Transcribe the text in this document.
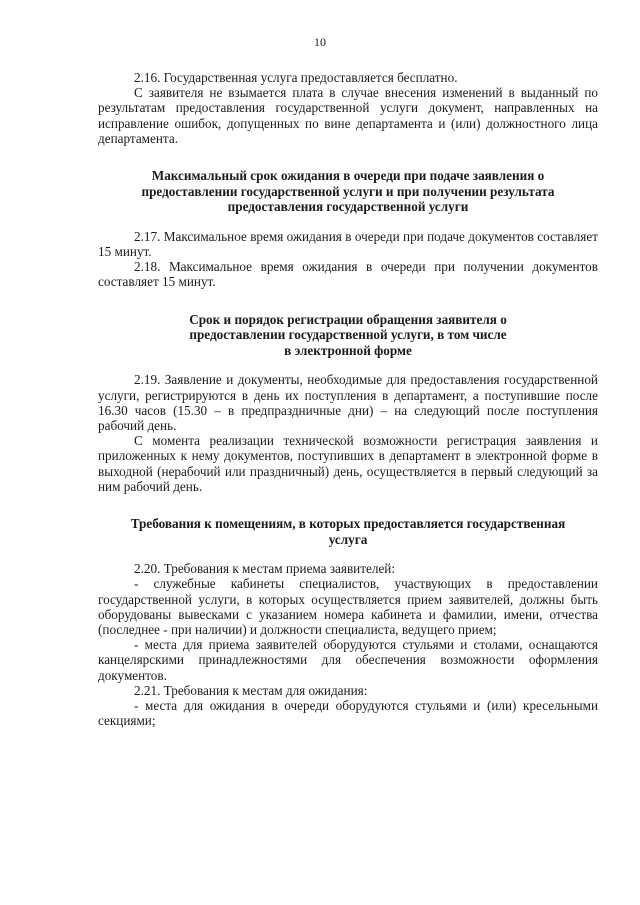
10

2.16. Государственная услуга предоставляется бесплатно.

С заявителя не взымается плата в случае внесения изменений в выданный по результатам предоставления государственной услуги документ, направленных на исправление ошибок, допущенных по вине департамента и (или) должностного лица департамента.

Максимальный срок ожидания в очереди при подаче заявления о

предоставлении государственной услуги и при получении результата

предоставления государственной услуги

2.17. Максимальное время ожидания в очереди при подаче документов составляет 15 минут.

2.18. Максимальное время ожидания в очереди при получении документов составляет 15 минут.

Срок и порядок регистрации обращения заявителя о

предоставлении государственной услуги, в том числе

в электронной форме

2.19. Заявление и документы, необходимые для предоставления государственной услуги, регистрируются в день их поступления в департамент, а поступившие после 16.30 часов (15.30 – в предпраздничные дни) – на следующий после поступления рабочий день.

С момента реализации технической возможности регистрация заявления и приложенных к нему документов, поступивших в департамент в электронной форме в выходной (нерабочий или праздничный) день, осуществляется в первый следующий за ним рабочий день.

Требования к помещениям, в которых предоставляется государственная

услуга

2.20. Требования к местам приема заявителей:

- служебные кабинеты специалистов, участвующих в предоставлении государственной услуги, в которых осуществляется прием заявителей, должны быть оборудованы вывесками с указанием номера кабинета и фамилии, имени, отчества (последнее - при наличии) и должности специалиста, ведущего прием;

- места для приема заявителей оборудуются стульями и столами, оснащаются канцелярскими принадлежностями для обеспечения возможности оформления документов.

2.21. Требования к местам для ожидания:

- места для ожидания в очереди оборудуются стульями и (или) кресельными секциями;
